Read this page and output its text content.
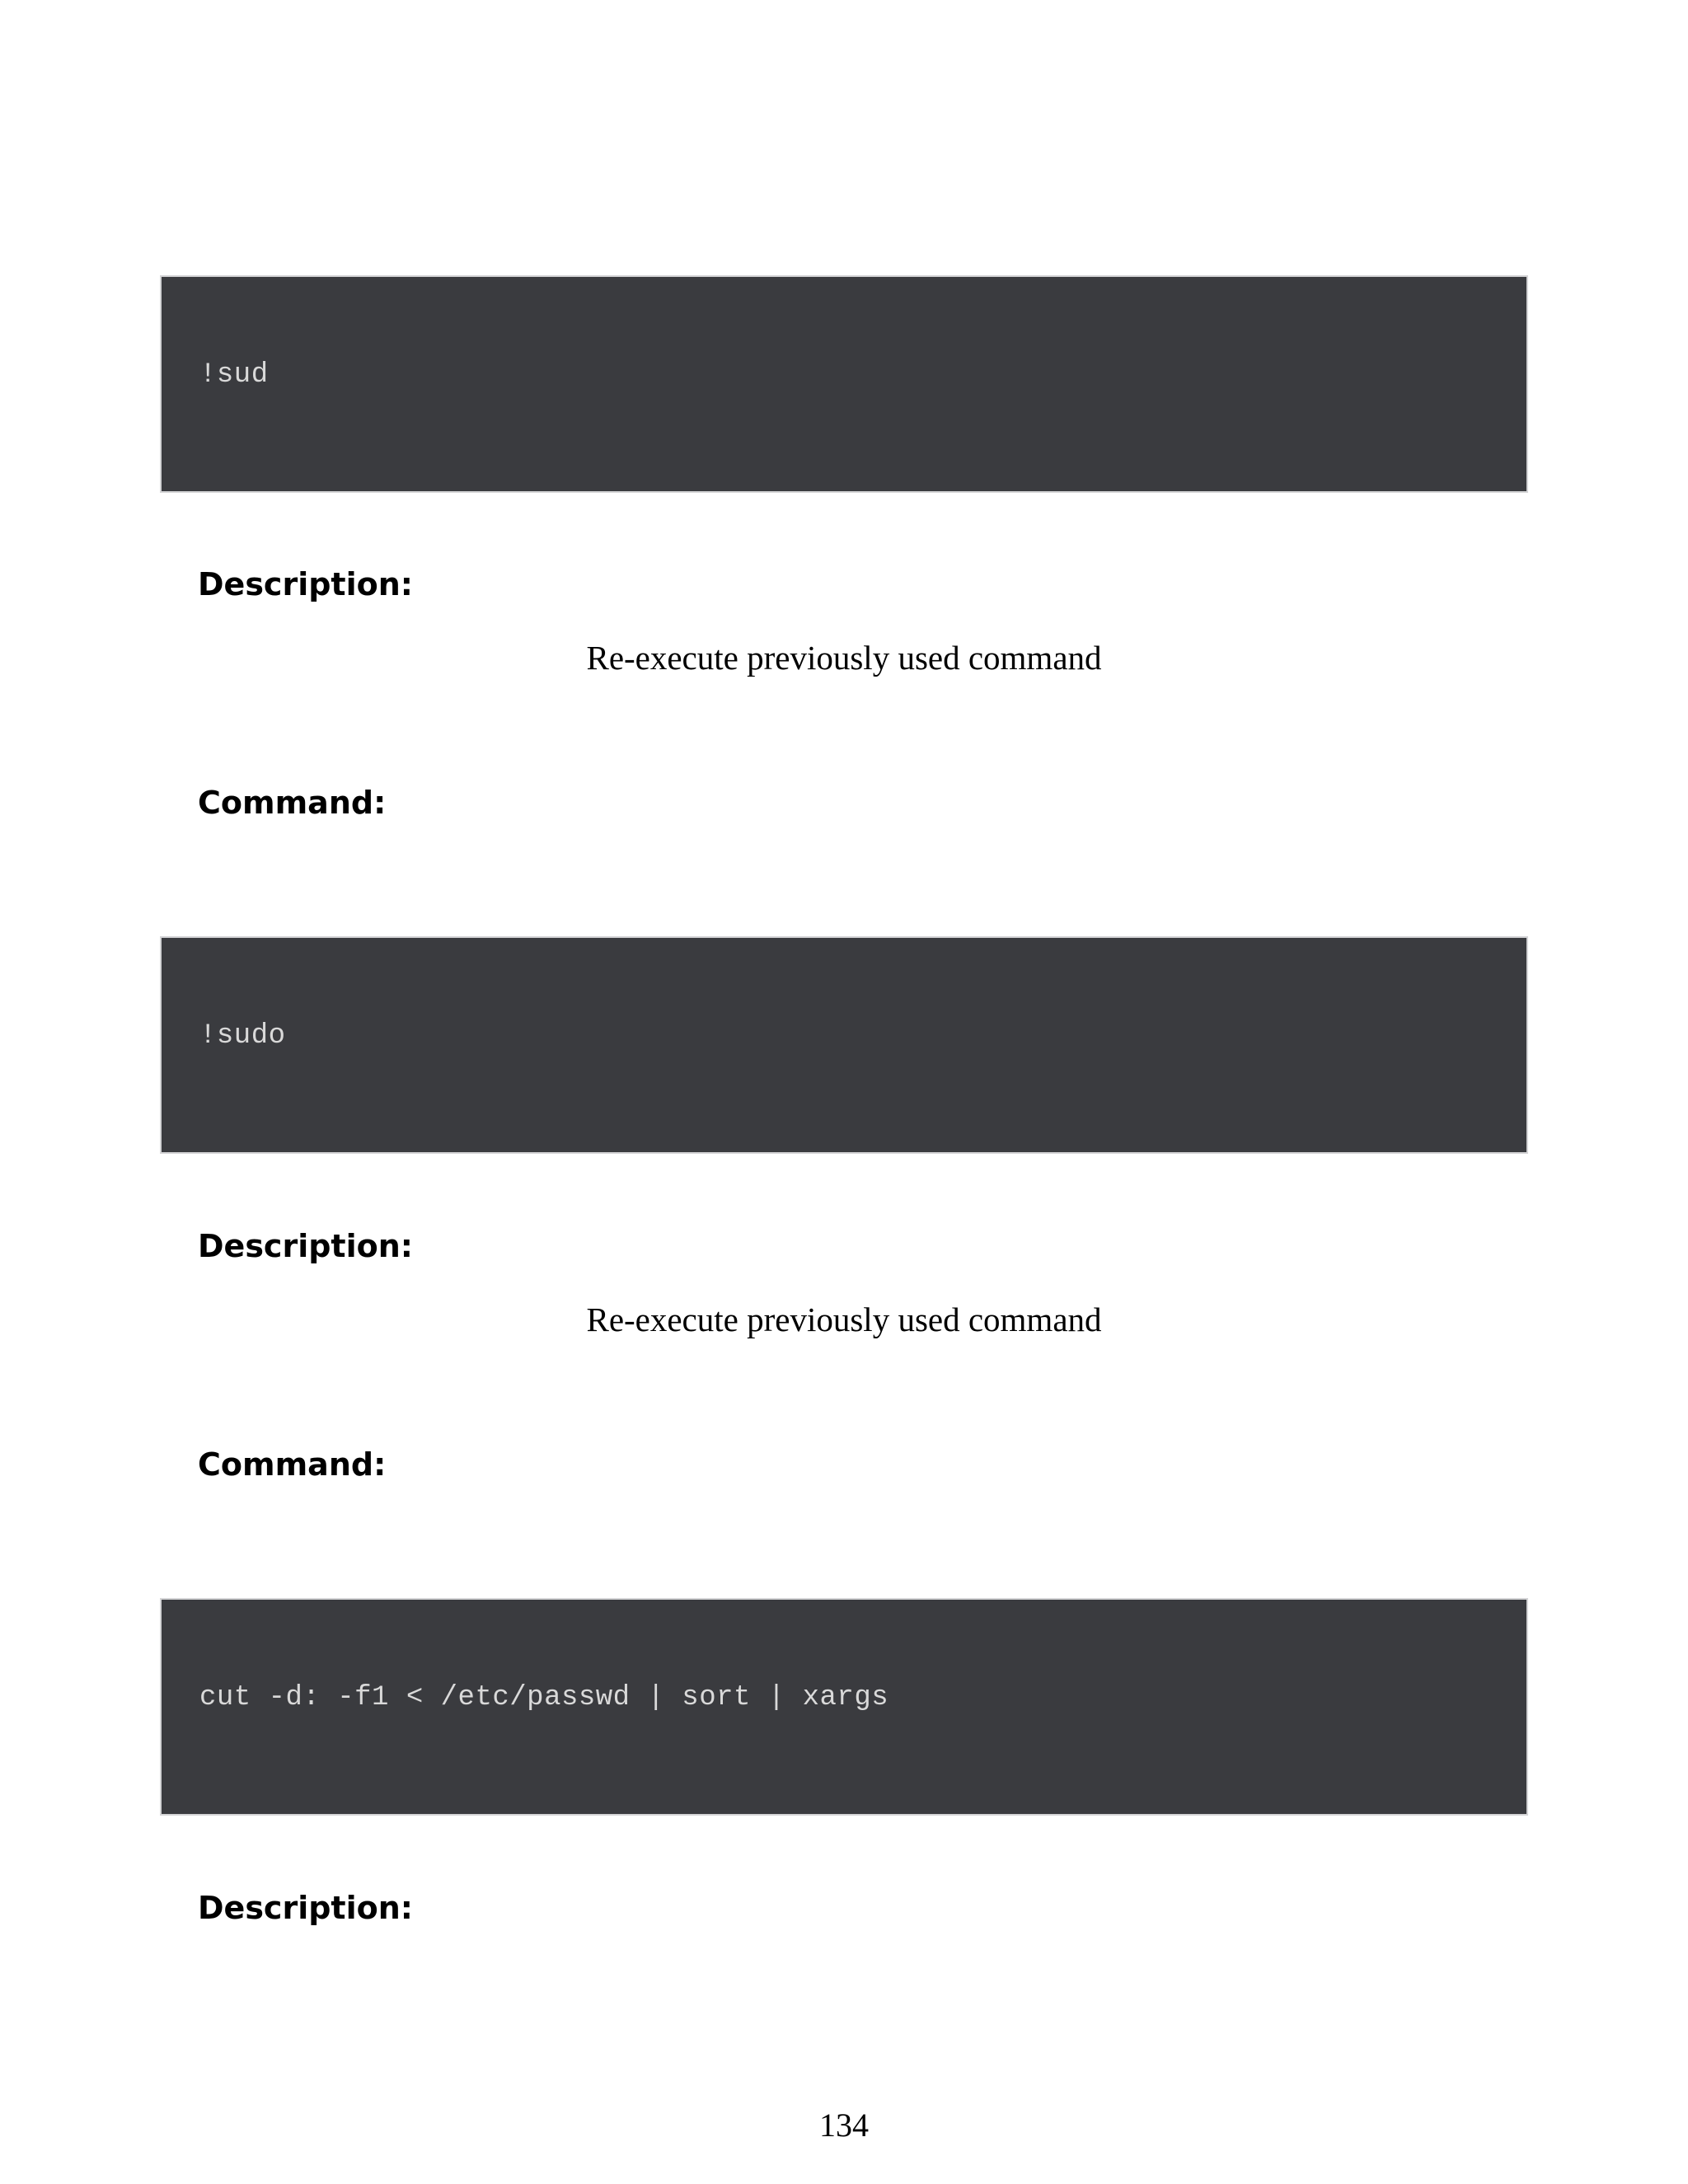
!sud
Description:
Re-execute previously used command
Command:
!sudo
Description:
Re-execute previously used command
Command:
cut -d: -f1 < /etc/passwd | sort | xargs
Description:
134
